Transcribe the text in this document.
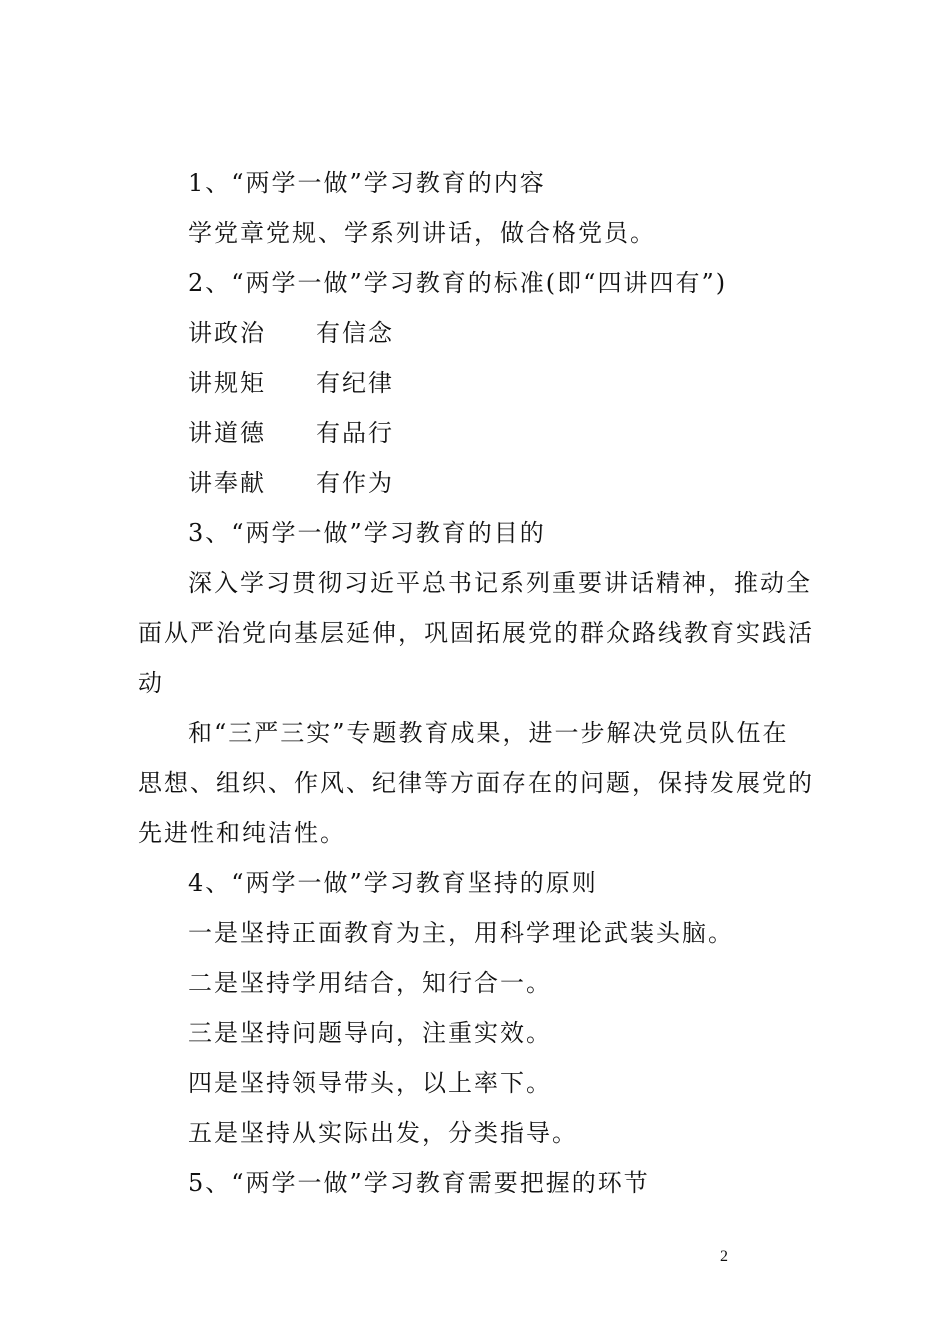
1、“两学一做”学习教育的内容
学党章党规、学系列讲话，做合格党员。
2、“两学一做”学习教育的标准(即“四讲四有”)
讲政治 有信念
讲规矩 有纪律
讲道德 有品行
讲奉献 有作为
3、“两学一做”学习教育的目的
深入学习贯彻习近平总书记系列重要讲话精神，推动全
面从严治党向基层延伸，巩固拓展党的群众路线教育实践活
动
和“三严三实”专题教育成果，进一步解决党员队伍在
思想、组织、作风、纪律等方面存在的问题，保持发展党的
先进性和纯洁性。
4、“两学一做”学习教育坚持的原则
一是坚持正面教育为主，用科学理论武装头脑。
二是坚持学用结合，知行合一。
三是坚持问题导向，注重实效。
四是坚持领导带头，以上率下。
五是坚持从实际出发，分类指导。
5、“两学一做”学习教育需要把握的环节
2
